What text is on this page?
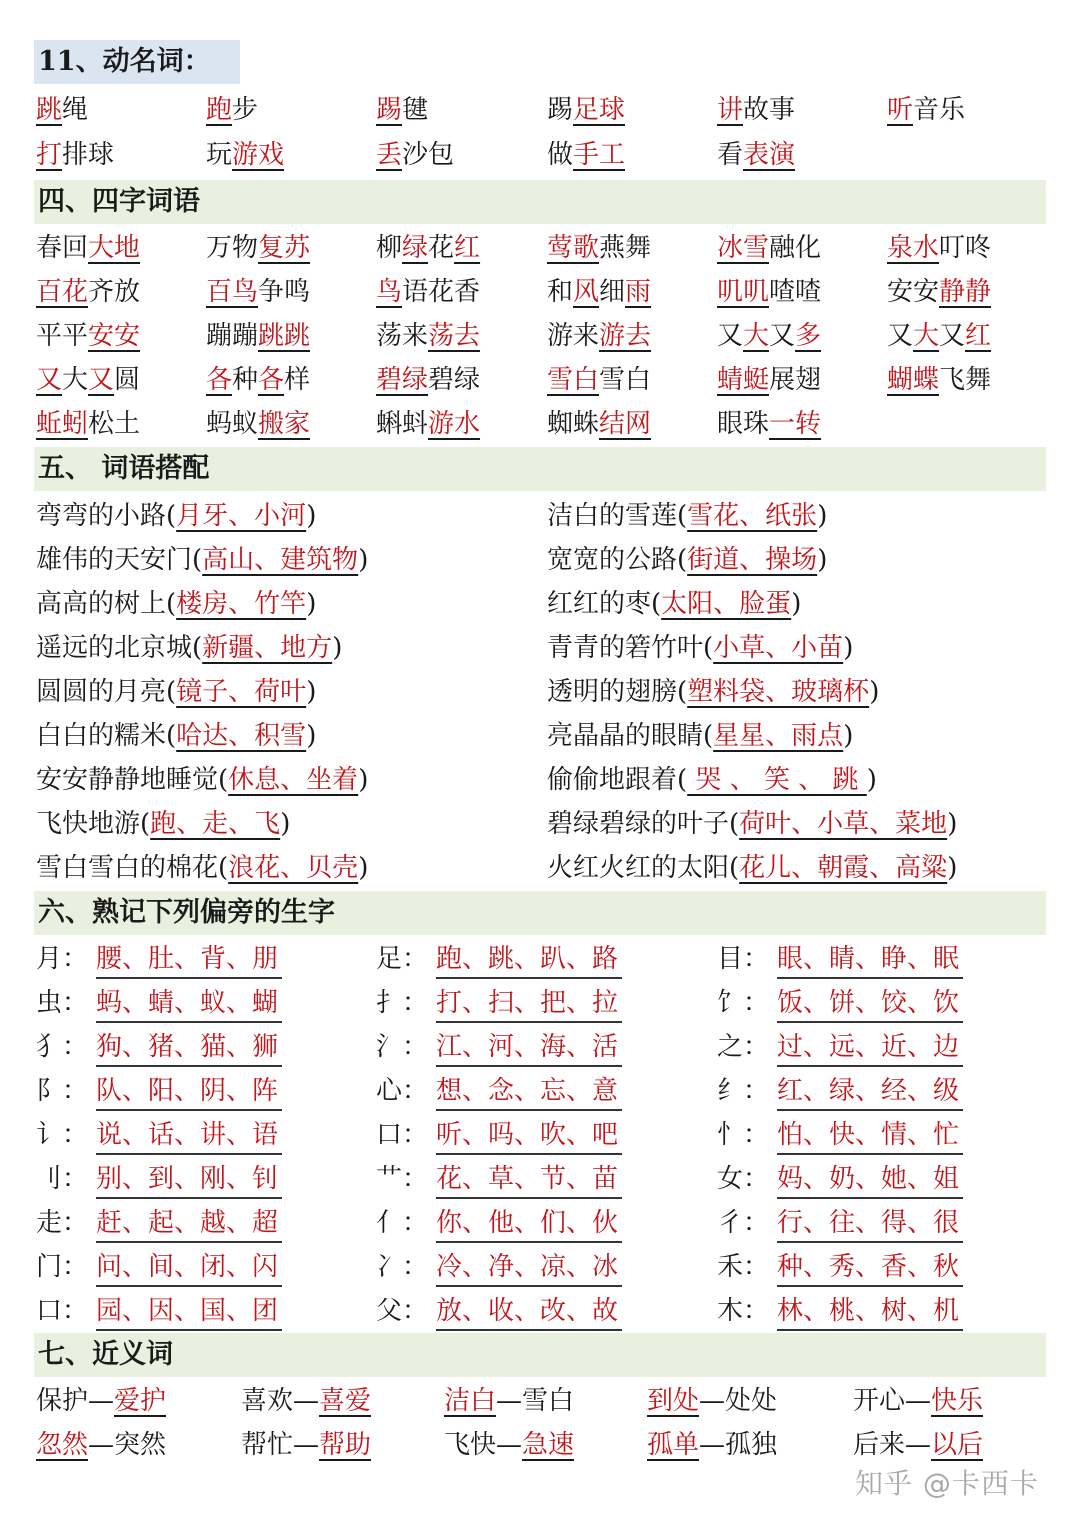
11、动名词：
跳绳	跑步	踢毽	踢足球	讲故事	听音乐
打排球	玩游戏	丢沙包	做手工	看表演
四、四字词语
春回大地	万物复苏	柳绿花红	莺歌燕舞	冰雪融化	泉水叮咚
百花齐放	百鸟争鸣	鸟语花香	和风细雨	叽叽喳喳	安安静静
平平安安	蹦蹦跳跳	荡来荡去	游来游去	又大又多	又大又红
又大又圆	各种各样	碧绿碧绿	雪白雪白	蜻蜓展翅	蝴蝶飞舞
蚯蚓松土	蚂蚁搬家	蝌蚪游水	蜘蛛结网	眼珠一转
五、 词语搭配
弯弯的小路(月牙、小河)	洁白的雪莲(雪花、纸张)
雄伟的天安门(高山、建筑物)	宽宽的公路(街道、操场)
高高的树上(楼房、竹竿)	红红的枣(太阳、脸蛋)
遥远的北京城(新疆、地方)	青青的箬竹叶(小草、小苗)
圆圆的月亮(镜子、荷叶)	透明的翅膀(塑料袋、玻璃杯)
白白的糯米(哈达、积雪)	亮晶晶的眼睛(星星、雨点)
安安静静地睡觉(休息、坐着)	偷偷地跟着( 哭 、 笑 、 跳 )
飞快地游(跑、走、飞)	碧绿碧绿的叶子(荷叶、小草、菜地)
雪白雪白的棉花(浪花、贝壳)	火红火红的太阳(花儿、朝霞、高粱)
六、熟记下列偏旁的生字
月： 腰、肚、背、朋	足： 跑、跳、趴、路	目： 眼、睛、睁、眠
虫： 蚂、蜻、蚁、蝴	扌： 打、扫、把、拉	饣： 饭、饼、饺、饮
犭： 狗、猪、猫、狮	氵： 江、河、海、活	之： 过、远、近、边
阝： 队、阳、阴、阵	心： 想、念、忘、意	纟： 红、绿、经、级
讠： 说、话、讲、语	口： 听、吗、吹、吧	忄： 怕、快、情、忙
刂： 别、到、刚、钊	艹： 花、草、节、苗	女： 妈、奶、她、姐
走： 赶、起、越、超	亻： 你、他、们、伙	彳： 行、往、得、很
门： 问、间、闭、闪	冫： 冷、净、凉、冰	禾： 种、秀、香、秋
口： 园、因、国、团	父： 放、收、改、故	木： 林、桃、树、机
七、近义词
保护—爱护	喜欢—喜爱	洁白—雪白	到处—处处	开心—快乐
忽然—突然	帮忙—帮助	飞快—急速	孤单—孤独	后来—以后
知乎 @卡西卡
